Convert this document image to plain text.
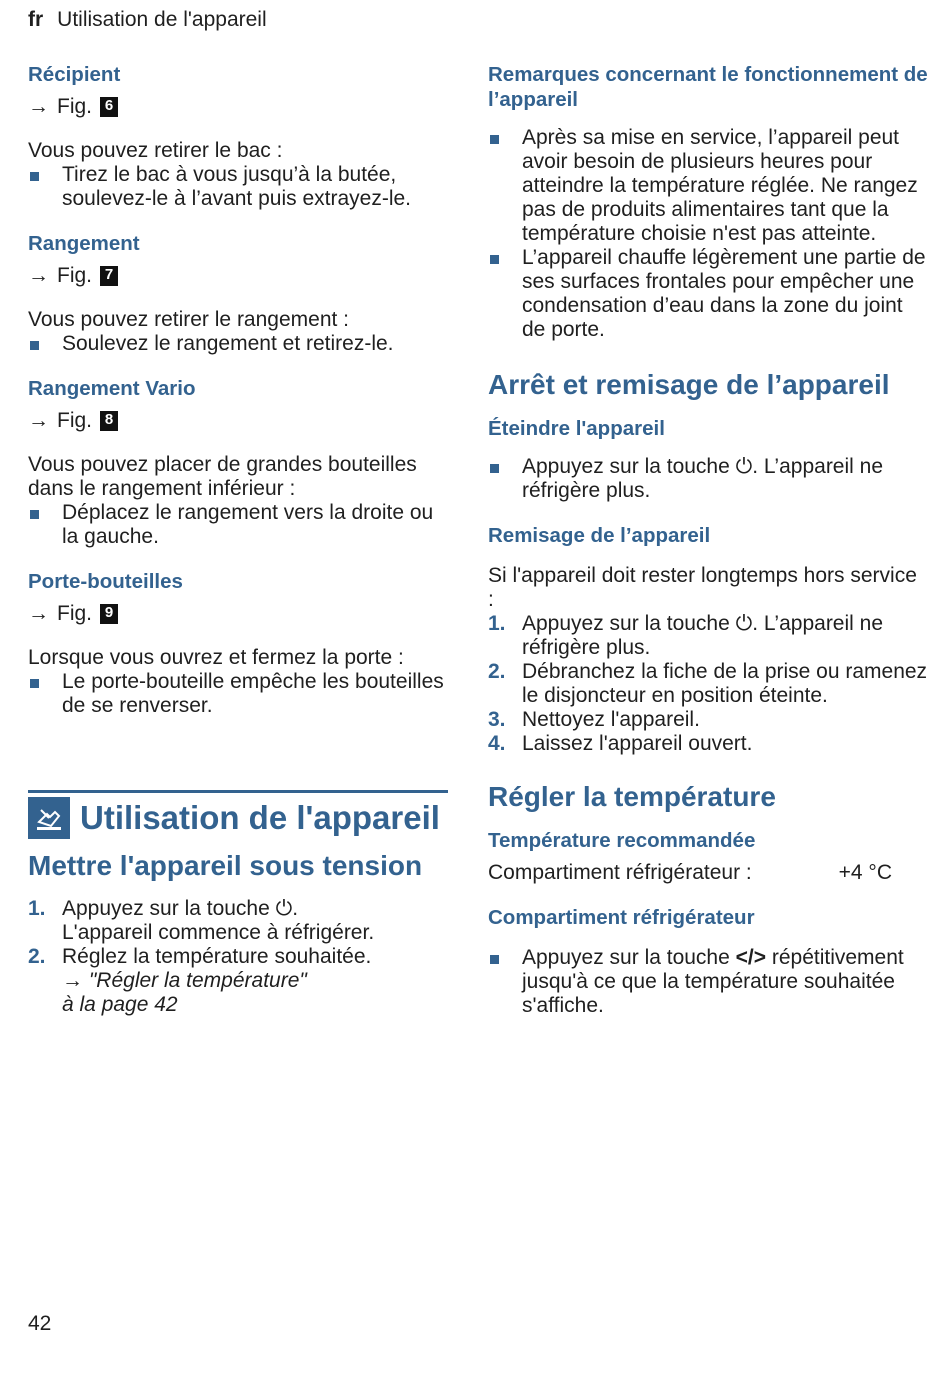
fr Utilisation de l'appareil
Récipient
→ Fig. 6

Vous pouvez retirer le bac :

Tirez le bac à vous jusqu’à la butée, soulevez-le à l’avant puis extrayez-le.
Rangement
→ Fig. 7

Vous pouvez retirer le rangement :

Soulevez le rangement et retirez-le.
Rangement Vario
→ Fig. 8

Vous pouvez placer de grandes bouteilles dans le rangement inférieur :

Déplacez le rangement vers la droite ou la gauche.
Porte-bouteilles
→ Fig. 9

Lorsque vous ouvrez et fermez la porte :

Le porte-bouteille empêche les bouteilles de se renverser.
Utilisation de l'appareil
Mettre l'appareil sous tension
1. Appuyez sur la touche ⏻.
L'appareil commence à réfrigérer.
2. Réglez la température souhaitée.
→ "Régler la température"
à la page 42
Remarques concernant le fonctionnement de l’appareil
Après sa mise en service, l’appareil peut avoir besoin de plusieurs heures pour atteindre la température réglée. Ne rangez pas de produits alimentaires tant que la température choisie n'est pas atteinte.
L’appareil chauffe légèrement une partie de ses surfaces frontales pour empêcher une condensation d’eau dans la zone du joint de porte.
Arrêt et remisage de l’appareil
Éteindre l'appareil
Appuyez sur la touche ⏻. L’appareil ne réfrigère plus.
Remisage de l’appareil

Si l'appareil doit rester longtemps hors service :

1. Appuyez sur la touche ⏻. L’appareil ne réfrigère plus.
2. Débranchez la fiche de la prise ou ramenez le disjoncteur en position éteinte.
3. Nettoyez l'appareil.
4. Laissez l'appareil ouvert.
Régler la température
Température recommandée
Compartiment réfrigérateur :	+4 °C
Compartiment réfrigérateur
Appuyez sur la touche </> répétitivement jusqu'à ce que la température souhaitée s'affiche.
42
